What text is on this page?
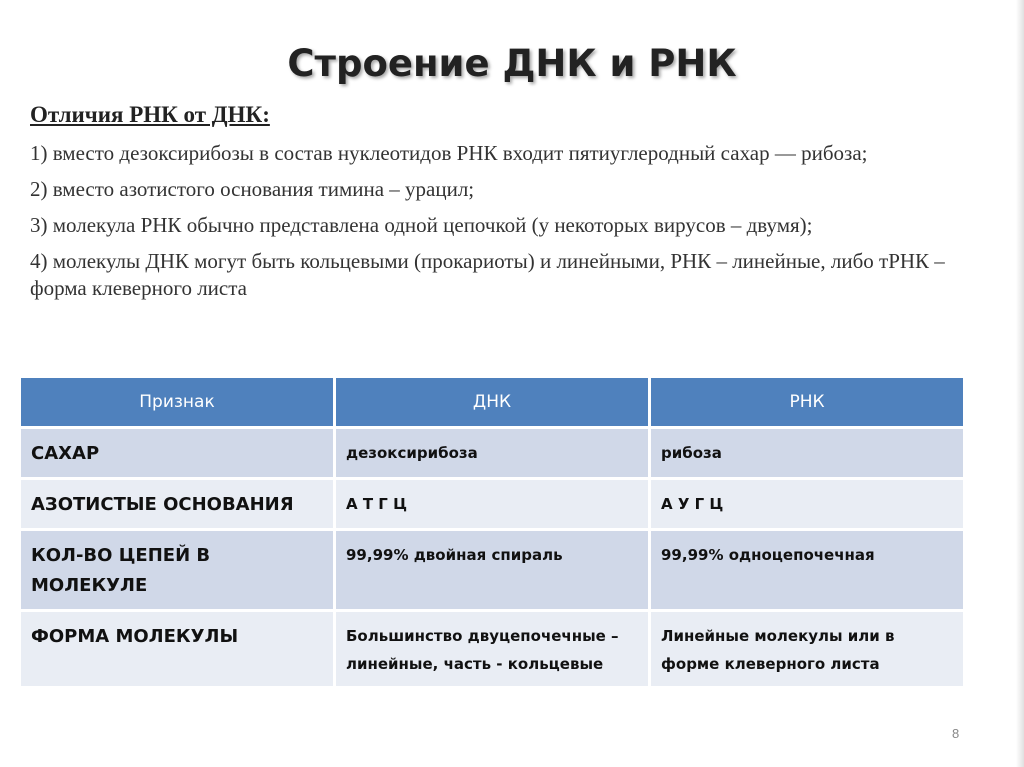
Строение ДНК и РНК
Отличия РНК от ДНК:
1) вместо дезоксирибозы в состав нуклеотидов РНК входит пятиуглеродный сахар — рибоза;
2) вместо азотистого основания тимина – урацил;
3) молекула РНК обычно представлена одной цепочкой (у некоторых вирусов – двумя);
4) молекулы ДНК могут быть кольцевыми (прокариоты) и линейными, РНК – линейные, либо тРНК – форма клеверного листа
Признак	ДНК	РНК
САХАР	дезоксирибоза	рибоза
АЗОТИСТЫЕ ОСНОВАНИЯ	А Т Г Ц	А У Г Ц
КОЛ-ВО ЦЕПЕЙ В МОЛЕКУЛЕ	99,99% двойная спираль	99,99% одноцепочечная
ФОРМА МОЛЕКУЛЫ	Большинство двуцепочечные – линейные, часть - кольцевые	Линейные молекулы или в форме клеверного листа
8
